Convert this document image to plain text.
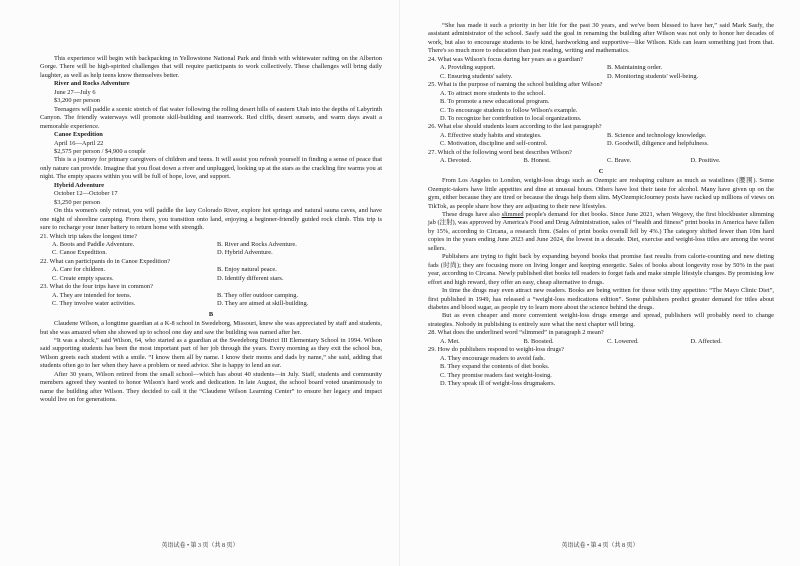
This experience will begin with backpacking in Yellowstone National Park and finish with whitewater rafting on the Alberton Gorge. There will be high-spirited challenges that will require participants to work collectively. These challenges will bring daily laughter, as well as help teens know themselves better.

River and Rocks Adventure

June 27—July 6

$3,200 per person

Teenagers will paddle a scenic stretch of flat water following the rolling desert hills of eastern Utah into the depths of Labyrinth Canyon. The friendly waterways will promote skill-building and teamwork. Red cliffs, desert sunsets, and warm days await a memorable experience.

Canoe Expedition

April 16—April 22

$2,575 per person / $4,900 a couple

This is a journey for primary caregivers of children and teens. It will assist you refresh yourself in finding a sense of peace that only nature can provide. Imagine that you float down a river and unplugged, looking up at the stars as the crackling fire warms you at night. The empty spaces within you will be full of hope, love, and support.

Hybrid Adventure

October 12—October 17

$3,250 per person

On this women's only retreat, you will paddle the lazy Colorado River, explore hot springs and natural sauna caves, and have one night of shoreline camping. From there, you transition onto land, enjoying a beginner-friendly guided rock climb. This trip is sure to recharge your inner battery to return home with strength.

21. Which trip takes the longest time?

A. Boots and Paddle Adventure.	B. River and Rocks Adventure.
C. Canoe Expedition.	D. Hybrid Adventure.

22. What can participants do in Canoe Expedition?

A. Care for children.	B. Enjoy natural peace.
C. Create empty spaces.	D. Identify different stars.

23. What do the four trips have in common?

A. They are intended for teens.	B. They offer outdoor camping.
C. They involve water activities.	D. They are aimed at skill-building.

B

Claudene Wilson, a longtime guardian at a K-8 school in Swedeborg, Missouri, knew she was appreciated by staff and students, but she was amazed when she showed up to school one day and saw the building was named after her.

“It was a shock,” said Wilson, 64, who started as a guardian at the Swedeborg District III Elementary School in 1994. Wilson said supporting students has been the most important part of her job through the years. Every morning as they exit the school bus, Wilson greets each student with a smile. “I know them all by name. I know their moms and dads by name,” she said, adding that students often go to her when they have a problem or need advice. She is happy to lend an ear.

After 30 years, Wilson retired from the small school—which has about 40 students—in July. Staff, students and community members agreed they wanted to honor Wilson's hard work and dedication. In late August, the school board voted unanimously to name the building after Wilson. They decided to call it the “Claudene Wilson Learning Center” to ensure her legacy and impact would live on for generations.

英语试卷 • 第 3 页（共 8 页）

“She has made it such a priority in her life for the past 30 years, and we've been blessed to have her,” said Mark Sasfy, the assistant administrator of the school. Sasfy said the goal in renaming the building after Wilson was not only to honor her decades of work, but also to encourage students to be kind, hardworking and supportive—like Wilson. Kids can learn something just from that. There's so much more to education than just reading, writing and mathematics.

24. What was Wilson's focus during her years as a guardian?

A. Providing support.	B. Maintaining order.
C. Ensuring students' safety.	D. Monitoring students' well-being.

25. What is the purpose of naming the school building after Wilson?

A. To attract more students to the school.

B. To promote a new educational program.

C. To encourage students to follow Wilson's example.

D. To recognize her contribution to local organizations.

26. What else should students learn according to the last paragraph?

A. Effective study habits and strategies.	B. Science and technology knowledge.
C. Motivation, discipline and self-control.	D. Goodwill, diligence and helpfulness.

27. Which of the following word best describes Wilson?

A. Devoted.	B. Honest.	C. Brave.	D. Positive.

C

From Los Angeles to London, weight-loss drugs such as Ozempic are reshaping culture as much as waistlines (腰围). Some Ozempic-takers have little appetites and dine at unusual hours. Others have lost their taste for alcohol. Many have given up on the gym, either because they are tired or because the drugs help them slim. MyOzempicJourney posts have racked up millions of views on TikTok, as people share how they are adjusting to their new lifestyles.

These drugs have also slimmed people's demand for diet books. Since June 2021, when Wegovy, the first blockbuster slimming jab (注射), was approved by America's Food and Drug Administration, sales of “health and fitness” print books in America have fallen by 15%, according to Circana, a research firm. (Sales of print books overall fell by 4%.) The category shifted fewer than 10m hard copies in the years ending June 2023 and June 2024, the lowest in a decade. Diet, exercise and weight-loss titles are among the worst sellers.

Publishers are trying to fight back by expanding beyond books that promise fast results from calorie-counting and new dieting fads (时尚); they are focusing more on living longer and keeping energetic. Sales of books about longevity rose by 50% in the past year, according to Circana. Newly published diet books tell readers to forget fads and make simple lifestyle changes. By promising low effort and high reward, they offer an easy, cheap alternative to drugs.

In time the drugs may even attract new readers. Books are being written for those with tiny appetites: “The Mayo Clinic Diet”, first published in 1949, has released a “weight-loss medications edition”. Some publishers predict greater demand for titles about diabetes and blood sugar, as people try to learn more about the science behind the drugs.

But as even cheaper and more convenient weight-loss drugs emerge and spread, publishers will probably need to change strategies. Nobody in publishing is entirely sure what the next chapter will bring.

28. What does the underlined word “slimmed” in paragraph 2 mean?

A. Met.	B. Boosted.	C. Lowered.	D. Affected.

29. How do publishers respond to weight-loss drugs?

A. They encourage readers to avoid fads.

B. They expand the contents of diet books.

C. They promise readers fast weight-losing.

D. They speak ill of weight-loss drugmakers.

英语试卷 • 第 4 页（共 8 页）
